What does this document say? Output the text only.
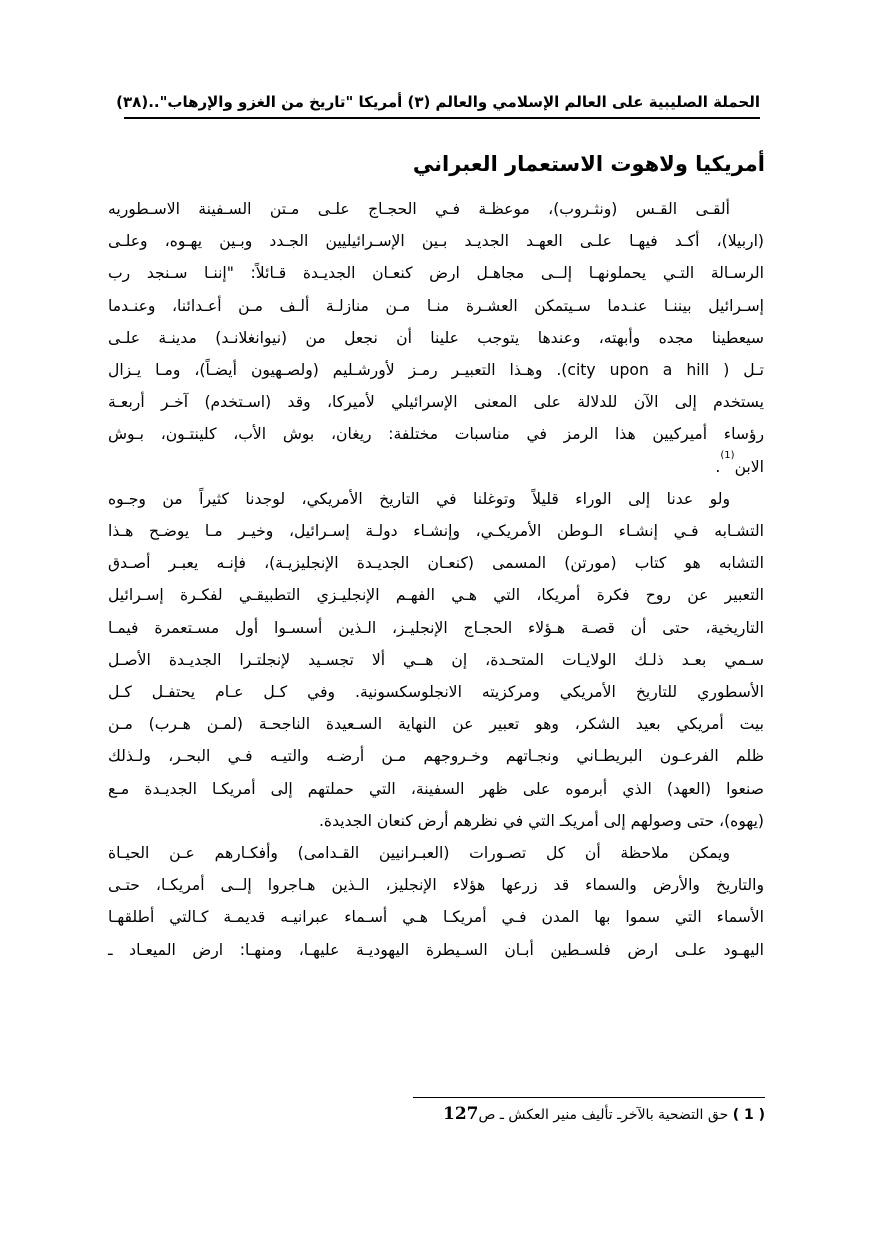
الحملة الصليبية على العالم الإسلامي والعالم (٣) أمريكا "تاريخ من الغزو والإرهاب"..
(٣٨)
أمريكيا ولاهوت الاستعمار العبراني

ألقـى القـس (ونثـروب)، موعظـة فـي الحجـاج علـى مـتن السـفينة الاسـطوريه
(اربيلا)، أكـد فيهـا علـى العهـد الجديـد بـين الإسـرائيليين الجـدد وبـين يهـوه، وعلـى
الرسـالة التـي يحملونهـا إلــى مجاهـل ارض كنعـان الجديـدة قـائلاً: "إننـا سـنجد رب
إسـرائيل بيننـا عنـدما سـيتمكن العشـرة منـا مـن منازلـة ألـف مـن أعـدائنا، وعنـدما
سيعطينا مجده وأبهته، وعندها يتوجب علينا أن نجعل من (نيوانغلانـد) مدينـة علـى
تـل ( city upon a hill). وهـذا التعبيـر رمـز لأورشـليم (ولصـهيون أيضـاً)، ومـا يـزال
يستخدم إلى الآن للدلالة على المعنى الإسرائيلي لأميركا، وقد (اسـتخدم) آخـر أربعـة
رؤساء أميركيين هذا الرمز في مناسبات مختلفة: ريغان، بوش الأب، كلينتـون، بـوش
الابن$^{(1)}$.

ولو عدنا إلى الوراء قليلاً وتوغلنا في التاريخ الأمريكي، لوجدنا كثيراً من وجـوه
التشـابه فـي إنشـاء الـوطن الأمريكـي، وإنشـاء دولـة إسـرائيل، وخيـر مـا يوضـح هـذا
التشابه هو كتاب (مورتن) المسمى (كنعـان الجديـدة الإنجليزيـة)، فإنـه يعبـر أصـدق
التعبير عن روح فكرة أمريكا، التي هـي الفهـم الإنجليـزي التطبيقـي لفكـرة إسـرائيل
التاريخية، حتى أن قصـة هـؤلاء الحجـاج الإنجليـز، الـذين أسسـوا أول مسـتعمرة فيمـا
سـمي بعـد ذلـك الولايـات المتحـدة، إن هــي ألا تجسـيد لإنجلتـرا الجديـدة الأصـل
الأسطوري للتاريخ الأمريكي ومركزيته الانجلوسكسونية. وفي كـل عـام يحتفـل كـل
بيت أمريكي بعيد الشكر، وهو تعبير عن النهاية السـعيدة الناجحـة (لمـن هـرب) مـن
ظلم الفرعـون البريطـاني ونجـاتهم وخـروجهم مـن أرضـه والتيـه فـي البحـر، ولـذلك
صنعوا (العهد) الذي أبرموه على ظهر السفينة، التي حملتهم إلى أمريكـا الجديـدة مـع
(يهوه)، حتى وصولهم إلى أمريكـ التي في نظرهم أرض كنعان الجديدة.

ويمكن ملاحظة أن كل تصـورات (العبـرانيين القـدامى) وأفكـارهم عـن الحيـاة
والتاريخ والأرض والسماء قد زرعها هؤلاء الإنجليز، الـذين هـاجروا إلــى أمريكـا، حتـى
الأسماء التي سموا بها المدن فـي أمريكـا هـي أسـماء عبرانيـه قديمـة كـالتي أطلقهـا
اليهـود علـى ارض فلسـطين أبـان السـيطرة اليهوديـة عليهـا، ومنهـا: ارض الميعـاد ـ

( 1 ) حق التضحية بالآخرـ تأليف منير العكش ـ ص127
